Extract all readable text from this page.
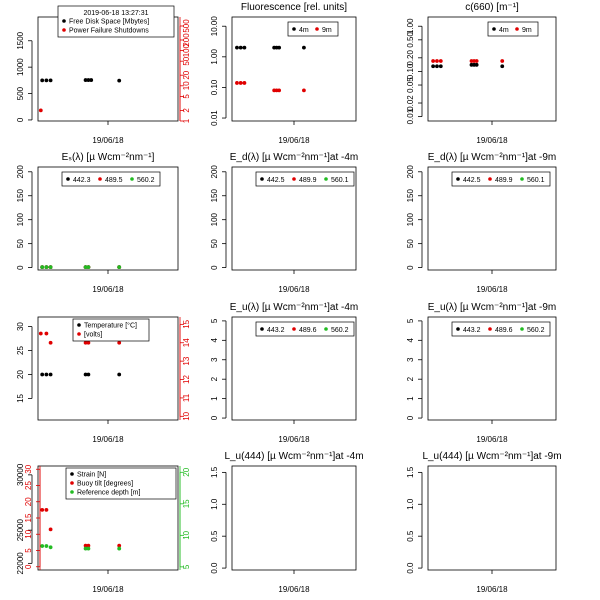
0
500
1000
1500
1
2
5
10
20
50
100
200
500
19/06/18
2019-06-18 13:27:31
Free Disk Space [Mbytes]
Power Failure Shutdowns
Fluorescence [rel. units]
0.01
0.10
1.00
10.00
19/06/18
4m 9m
c(660) [m⁻¹]
0.01
0.02
0.05
0.10
0.20
0.50
1.00
19/06/18
4m 9m
Eₛ(λ) [µ Wcm⁻²nm⁻¹]
0
50
100
150
200
19/06/18
442.3 489.5 560.2
E_d(λ) [µ Wcm⁻²nm⁻¹]at -4m
0
50
100
150
200
19/06/18
442.5 489.9 560.1
E_d(λ) [µ Wcm⁻²nm⁻¹]at -9m
0
50
100
150
200
19/06/18
442.5 489.9 560.1
15
20
25
30
10
11
12
13
14
15
19/06/18
Temperature [°C]
[volts]
E_u(λ) [µ Wcm⁻²nm⁻¹]at -4m
0
1
2
3
4
5
19/06/18
443.2 489.6 560.2
E_u(λ) [µ Wcm⁻²nm⁻¹]at -9m
0
1
2
3
4
5
19/06/18
443.2 489.6 560.2
22000
25000
30000
0
5
10
15
20
25
30
5
10
15
20
19/06/18
Strain [N]
Buoy tilt [degrees]
Reference depth [m]
L_u(444) [µ Wcm⁻²nm⁻¹]at -4m
0.0
0.5
1.0
1.5
19/06/18
L_u(444) [µ Wcm⁻²nm⁻¹]at -9m
0.0
0.5
1.0
1.5
19/06/18
